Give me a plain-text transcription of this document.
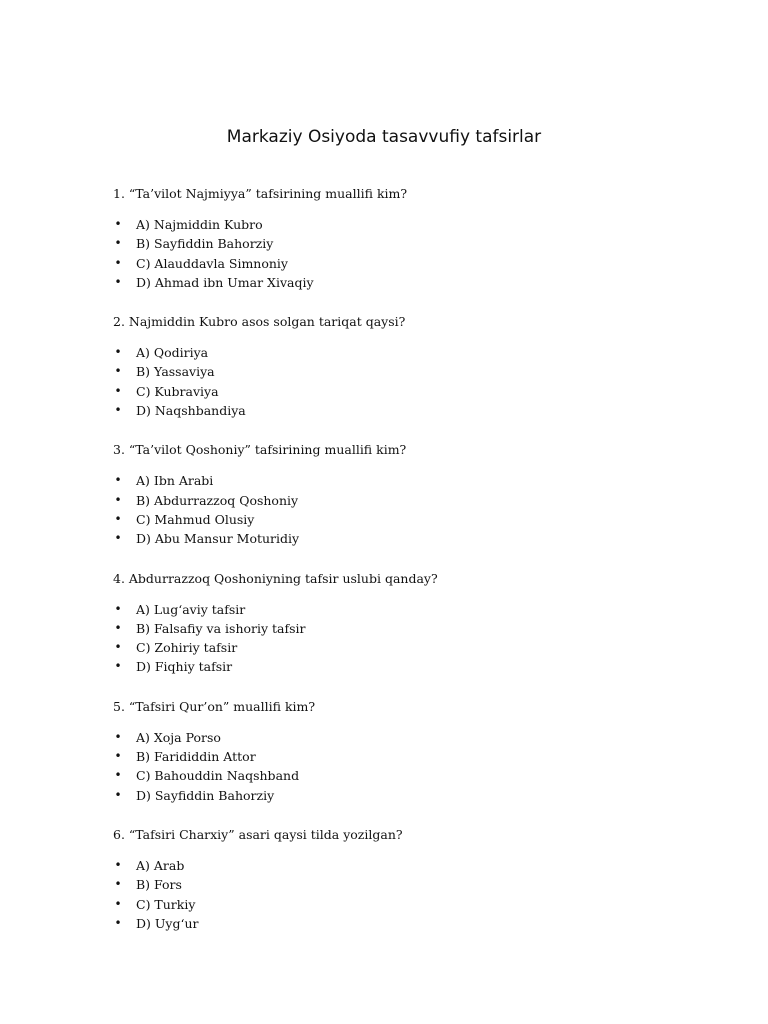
Markaziy Osiyoda tasavvufiy tafsirlar
1. “Ta’vilot Najmiyya” tafsirining muallifi kim?
• A) Najmiddin Kubro
• B) Sayfiddin Bahorziy
• C) Alauddavla Simnoniy
• D) Ahmad ibn Umar Xivaqiy
2. Najmiddin Kubro asos solgan tariqat qaysi?
• A) Qodiriya
• B) Yassaviya
• C) Kubraviya
• D) Naqshbandiya
3. “Ta’vilot Qoshoniy” tafsirining muallifi kim?
• A) Ibn Arabi
• B) Abdurrazzoq Qoshoniy
• C) Mahmud Olusiy
• D) Abu Mansur Moturidiy
4. Abdurrazzoq Qoshoniyning tafsir uslubi qanday?
• A) Lug‘aviy tafsir
• B) Falsafiy va ishoriy tafsir
• C) Zohiriy tafsir
• D) Fiqhiy tafsir
5. “Tafsiri Qur’on” muallifi kim?
• A) Xoja Porso
• B) Farididdin Attor
• C) Bahouddin Naqshband
• D) Sayfiddin Bahorziy
6. “Tafsiri Charxiy” asari qaysi tilda yozilgan?
• A) Arab
• B) Fors
• C) Turkiy
• D) Uyg‘ur
